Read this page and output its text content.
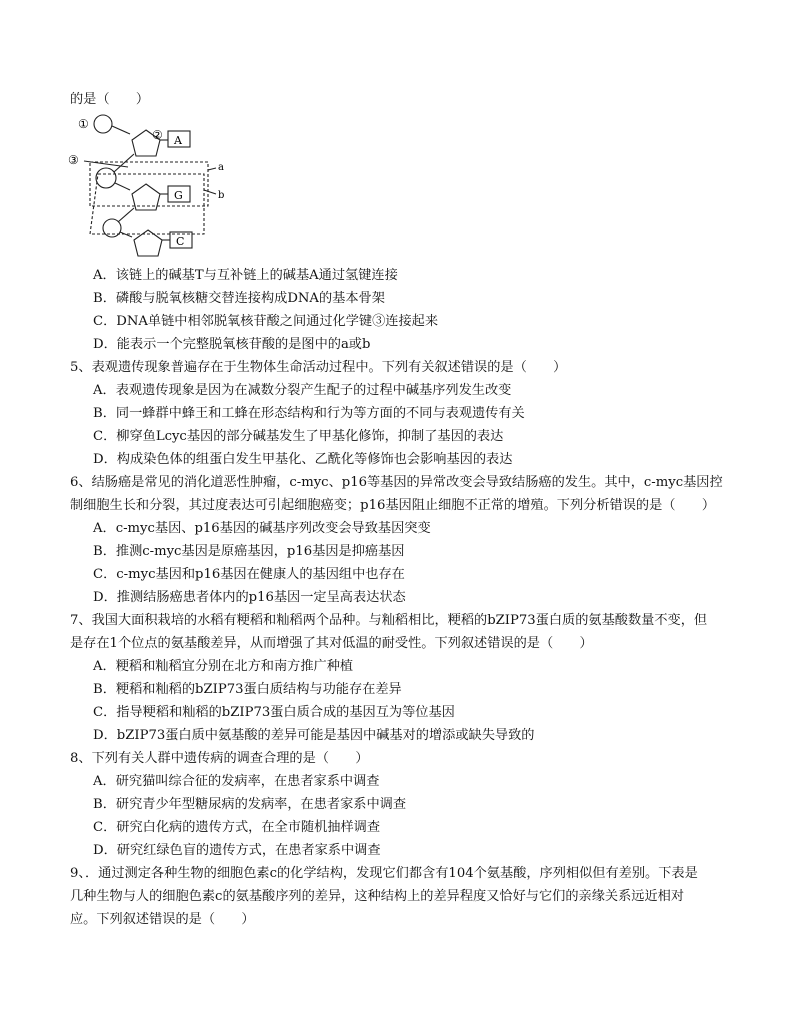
的是（　　）
①
②
③
A
G
C
a
b
A．该链上的碱基T与互补链上的碱基A通过氢键连接
B．磷酸与脱氧核糖交替连接构成DNA的基本骨架
C．DNA单链中相邻脱氧核苷酸之间通过化学键③连接起来
D．能表示一个完整脱氧核苷酸的是图中的a或b
5、表观遗传现象普遍存在于生物体生命活动过程中。下列有关叙述错误的是（　　）
A．表观遗传现象是因为在减数分裂产生配子的过程中碱基序列发生改变
B．同一蜂群中蜂王和工蜂在形态结构和行为等方面的不同与表观遗传有关
C．柳穿鱼Lcyc基因的部分碱基发生了甲基化修饰，抑制了基因的表达
D．构成染色体的组蛋白发生甲基化、乙酰化等修饰也会影响基因的表达
6、结肠癌是常见的消化道恶性肿瘤，c-myc、p16等基因的异常改变会导致结肠癌的发生。其中，c-myc基因控
制细胞生长和分裂，其过度表达可引起细胞癌变；p16基因阻止细胞不正常的增殖。下列分析错误的是（　　）
A．c-myc基因、p16基因的碱基序列改变会导致基因突变
B．推测c-myc基因是原癌基因，p16基因是抑癌基因
C．c-myc基因和p16基因在健康人的基因组中也存在
D．推测结肠癌患者体内的p16基因一定呈高表达状态
7、我国大面积栽培的水稻有粳稻和籼稻两个品种。与籼稻相比，粳稻的bZIP73蛋白质的氨基酸数量不变，但
是存在1个位点的氨基酸差异，从而增强了其对低温的耐受性。下列叙述错误的是（　　）
A．粳稻和籼稻宜分别在北方和南方推广种植
B．粳稻和籼稻的bZIP73蛋白质结构与功能存在差异
C．指导粳稻和籼稻的bZIP73蛋白质合成的基因互为等位基因
D．bZIP73蛋白质中氨基酸的差异可能是基因中碱基对的增添或缺失导致的
8、下列有关人群中遗传病的调查合理的是（　　）
A．研究猫叫综合征的发病率，在患者家系中调查
B．研究青少年型糖尿病的发病率，在患者家系中调查
C．研究白化病的遗传方式，在全市随机抽样调查
D．研究红绿色盲的遗传方式，在患者家系中调查
9、．通过测定各种生物的细胞色素c的化学结构，发现它们都含有104个氨基酸，序列相似但有差别。下表是
几种生物与人的细胞色素c的氨基酸序列的差异，这种结构上的差异程度又恰好与它们的亲缘关系远近相对
应。下列叙述错误的是（　　）
